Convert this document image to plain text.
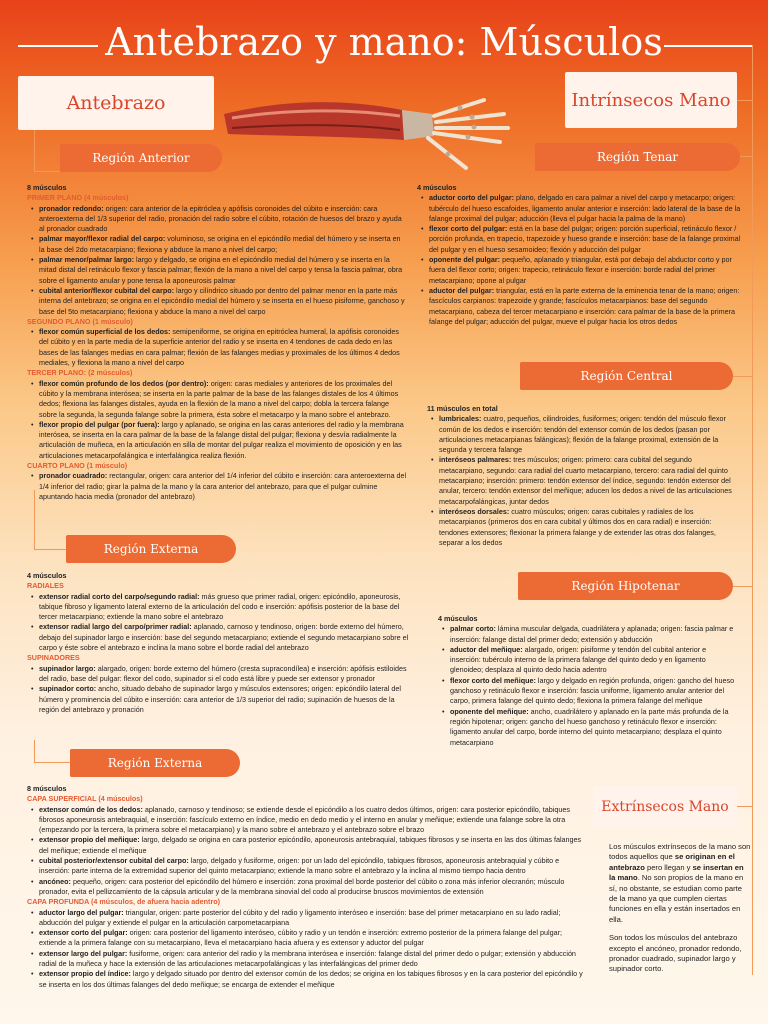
Antebrazo y mano: Músculos
Antebrazo	Intrínsecos Mano
Región Anterior	Región Tenar
Región Central
Región Externa
Región Hipotenar
Región Externa
Extrínsecos Mano
8 músculos
PRIMER PLANO (4 músculos)
• pronador redondo: origen: cara anterior de la epitróclea y apófisis coronoides del cúbito e inserción: cara anteroexterna del 1/3 superior del radio, pronación del radio sobre el cúbito, rotación de huesos del brazo y ayuda al pronador cuadrado
• palmar mayor/flexor radial del carpo: voluminoso, se origina en el epicóndilo medial del húmero y se inserta en la base del 2do metacarpiano; flexiona y abduce la mano a nivel del carpo;
• palmar menor/palmar largo: largo y delgado, se origina en el epicóndilo medial del húmero y se inserta en la mitad distal del retináculo flexor y fascia palmar; flexión de la mano a nivel del carpo y tensa la fascia palmar, obra sobre el ligamento anular y pone tensa la aponeurosis palmar
• cubital anterior/flexor cubital del carpo: largo y cilíndrico situado por dentro del palmar menor en la parte más interna del antebrazo; se origina en el epicóndilo medial del húmero y se inserta en el hueso pisiforme, ganchoso y base del 5to metacarpiano; flexiona y abduce la mano a nivel del carpo
SEGUNDO PLANO (1 músculo)
• flexor común superficial de los dedos: semipeniforme, se origina en epitróclea humeral, la apófisis coronoides del cúbito y en la parte media de la superficie anterior del radio y se inserta en 4 tendones de cada dedo en las bases de las falanges medias en cara palmar; flexión de las falanges medias y proximales de los últimos 4 dedos mediales, y flexiona la mano a nivel del carpo
TERCER PLANO: (2 músculos)
• flexor común profundo de los dedos (por dentro): origen: caras mediales y anteriores de los proximales del cúbito y la membrana interósea; se inserta en la parte palmar de la base de las falanges distales de los 4 últimos dedos; flexiona las falanges distales, ayuda en la flexión de la mano a nivel del carpo; dobla la tercera falange sobre la segunda, la segunda falange sobre la primera, ésta sobre el metacarpo y la mano sobre el antebrazo.
• flexor propio del pulgar (por fuera): largo y aplanado, se origina en las caras anteriores del radio y la membrana interósea, se inserta en la cara palmar de la base de la falange distal del pulgar; flexiona y desvía radialmente la articulación de muñeca, en la articulación en silla de montar del pulgar realiza el movimiento de oposición y en las articulaciones metacarpofalángica e interfalángica realiza flexión.
CUARTO PLANO (1 músculo)
• pronador cuadrado: rectangular, origen: cara anterior del 1/4 inferior del cúbito e inserción: cara anteroexterna del 1/4 inferior del radio; girar la palma de la mano y la cara anterior del antebrazo, para que el pulgar culmine apuntando hacia media (pronador del antebrazo)
4 músculos
RADIALES
• extensor radial corto del carpo/segundo radial: más grueso que primer radial, origen: epicóndilo, aponeurosis, tabique fibroso y ligamento lateral externo de la articulación del codo e inserción: apófisis posterior de la base del tercer metacarpiano; extiende la mano sobre el antebrazo
• extensor radial largo del carpo/primer radial: aplanado, carnoso y tendinoso, origen: borde externo del húmero, debajo del supinador largo e inserción: base del segundo metacarpiano; extiende el segundo metacarpiano sobre el carpo y éste sobre el antebrazo e inclina la mano sobre el borde radial del antebrazo
SUPINADORES
• supinador largo: alargado, origen: borde externo del húmero (cresta supracondílea) e inserción: apófisis estiloides del radio, base del pulgar: flexor del codo, supinador si el codo está libre y puede ser extensor y pronador
• supinador corto: ancho, situado debaho de supinador largo y músculos extensores; origen: epicóndilo lateral del húmero y prominencia del cúbito e inserción: cara anterior de 1/3 superior del radio; supinación de huesos de la región del antebrazo y pronación
8 músculos
CAPA SUPERFICIAL (4 músculos)
• extensor común de los dedos: aplanado, carnoso y tendinoso; se extiende desde el epicóndilo a los cuatro dedos últimos, origen: cara posterior epicóndilo, tabiques fibrosos aponeurosis antebraquial, e inserción: fascículo externo en índice, medio en dedo medio y el interno en anular y meñique; extiende una falange sobre la otra (empezando por la tercera, la primera sobre el metacarpiano) y la mano sobre el antebrazo y el antebrazo sobre el brazo
• extensor propio del meñique: largo, delgado se origina en cara posterior epicóndilo, aponeurosis antebraquial, tabiques fibrosos y se inserta en las dos últimas falanges del meñique; extiende el meñique
• cubital posterior/extensor cubital del carpo: largo, delgado y fusiforme, origen: por un lado del epicóndilo, tabiques fibrosos, aponeurosis antebraquial y cúbito e inserción: parte interna de la extremidad superior del quinto metacarpiano; extiende la mano sobre el antebrazo y la inclina al mismo tiempo hacia dentro
• ancóneo: pequeño, origen: cara posterior del epicóndilo del húmero e inserción: zona proximal del borde posterior del cúbito o zona más inferior olecranón; músculo pronador, evita el pellizcamiento de la cápsula articular y de la membrana sinovial del codo al producirse bruscos movimientos de extensión
CAPA PROFUNDA (4 músculos, de afuera hacia adentro)
• aductor largo del pulgar: triangular, origen: parte posterior del cúbito y del radio y ligamento interóseo e inserción: base del primer metacarpiano en su lado radial; abducción del pulgar y extiende el pulgar en la articulación carpometacarpiana
• extensor corto del pulgar: origen: cara posterior del ligamento interóseo, cúbito y radio y un tendón e inserción: extremo posterior de la primera falange del pulgar; extiende a la primera falange con su metacarpiano, lleva el metacarpiano hacia afuera y es extensor y aductor del pulgar
• extensor largo del pulgar: fusiforme, origen: cara anterior del radio y la membrana interósea e inserción: falange distal del primer dedo o pulgar; extensión y abducción radial de la muñeca y hace la extensión de las articulaciones metacarpofalángicas y las interfalángicas del primer dedo
• extensor propio del índice: largo y delgado situado por dentro del extensor común de los dedos; se origina en los tabiques fibrosos y en la cara posterior del epicóndilo y se inserta en los dos últimas falanges del dedo meñique; se encarga de extender el meñique
4 músculos
• aductor corto del pulgar: plano, delgado en cara palmar a nivel del carpo y metacarpo; origen: tubérculo del hueso escafoides, ligamento anular anterior e inserción: lado lateral de la base de la falange proximal del pulgar; aducción (lleva el pulgar hacia la palma de la mano)
• flexor corto del pulgar: está en la base del pulgar; origen: porción superficial, retináculo flexor / porción profunda, en trapecio, trapezoide y hueso grande e inserción: base de la falange proximal del pulgar y en el hueso sesamoideo; flexión y aducción del pulgar
• oponente del pulgar: pequeño, aplanado y triangular, está por debajo del abductor corto y por fuera del flexor corto; origen: trapecio, retináculo flexor e inserción: borde radial del primer metacarpiano; opone al pulgar
• aductor del pulgar: triangular, está en la parte externa de la eminencia tenar de la mano; origen: fascículos carpianos: trapezoide y grande; fascículos metacarpianos: base del segundo metacarpiano, cabeza del tercer metacarpiano e inserción: cara palmar de la base de la primera falange del pulgar; aducción del pulgar, mueve el pulgar hacia los otros dedos
11 músculos en total
• lumbricales: cuatro, pequeños, cilindroides, fusiformes; origen: tendón del músculo flexor común de los dedos e inserción: tendón del extensor común de los dedos (pasan por articulaciones metacarpianas falángicas); flexión de la falange proximal, extensión de la segunda y tercera falange
• interóseos palmares: tres músculos; origen: primero: cara cubital del segundo metacarpiano, segundo: cara radial del cuarto metacarpiano, tercero: cara radial del quinto metacarpiano; inserción: primero: tendón extensor del índice, segundo: tendón extensor del anular, tercero: tendón extensor del meñique; aducen los dedos a nivel de las articulaciones metacarpofalángicas, juntar dedos
• interóseos dorsales: cuatro músculos; origen: caras cubitales y radiales de los metacarpianos (primeros dos en cara cubital y últimos dos en cara radial) e inserción: tendones extensores; flexionar la primera falange y de extender las otras dos falanges, separar a los dedos
4 músculos
• palmar corto: lámina muscular delgada, cuadrilátera y aplanada; origen: fascia palmar e inserción: falange distal del primer dedo; extensión y abducción
• aductor del meñique: alargado, origen: pisiforme y tendón del cubital anterior e inserción: tubérculo interno de la primera falange del quinto dedo y en ligamento glenoideo; desplaza al quinto dedo hacia adentro
• flexor corto del meñique: largo y delgado en región profunda, origen: gancho del hueso ganchoso y retináculo flexor e inserción: fascia uniforme, ligamento anular anterior del carpo, primera falange del quinto dedo; flexiona la primera falange del meñique
• oponente del meñique: ancho, cuadrilátero y aplanado en la parte más profunda de la región hipotenar; origen: gancho del hueso ganchoso y retináculo flexor e inserción: ligamento anular del carpo, borde interno del quinto metacarpiano; desplaza el quinto metacarpiano

Los músculos extrínsecos de la mano son todos aquellos que se originan en el antebrazo pero llegan y se insertan en la mano. No son propios de la mano en sí, no obstante, se estudian como parte de la mano ya que cumplen ciertas funciones en ella y están insertados en ella.

Son todos los músculos del antebrazo excepto el ancóneo, pronador redondo, pronador cuadrado, supinador largo y supinador corto.
